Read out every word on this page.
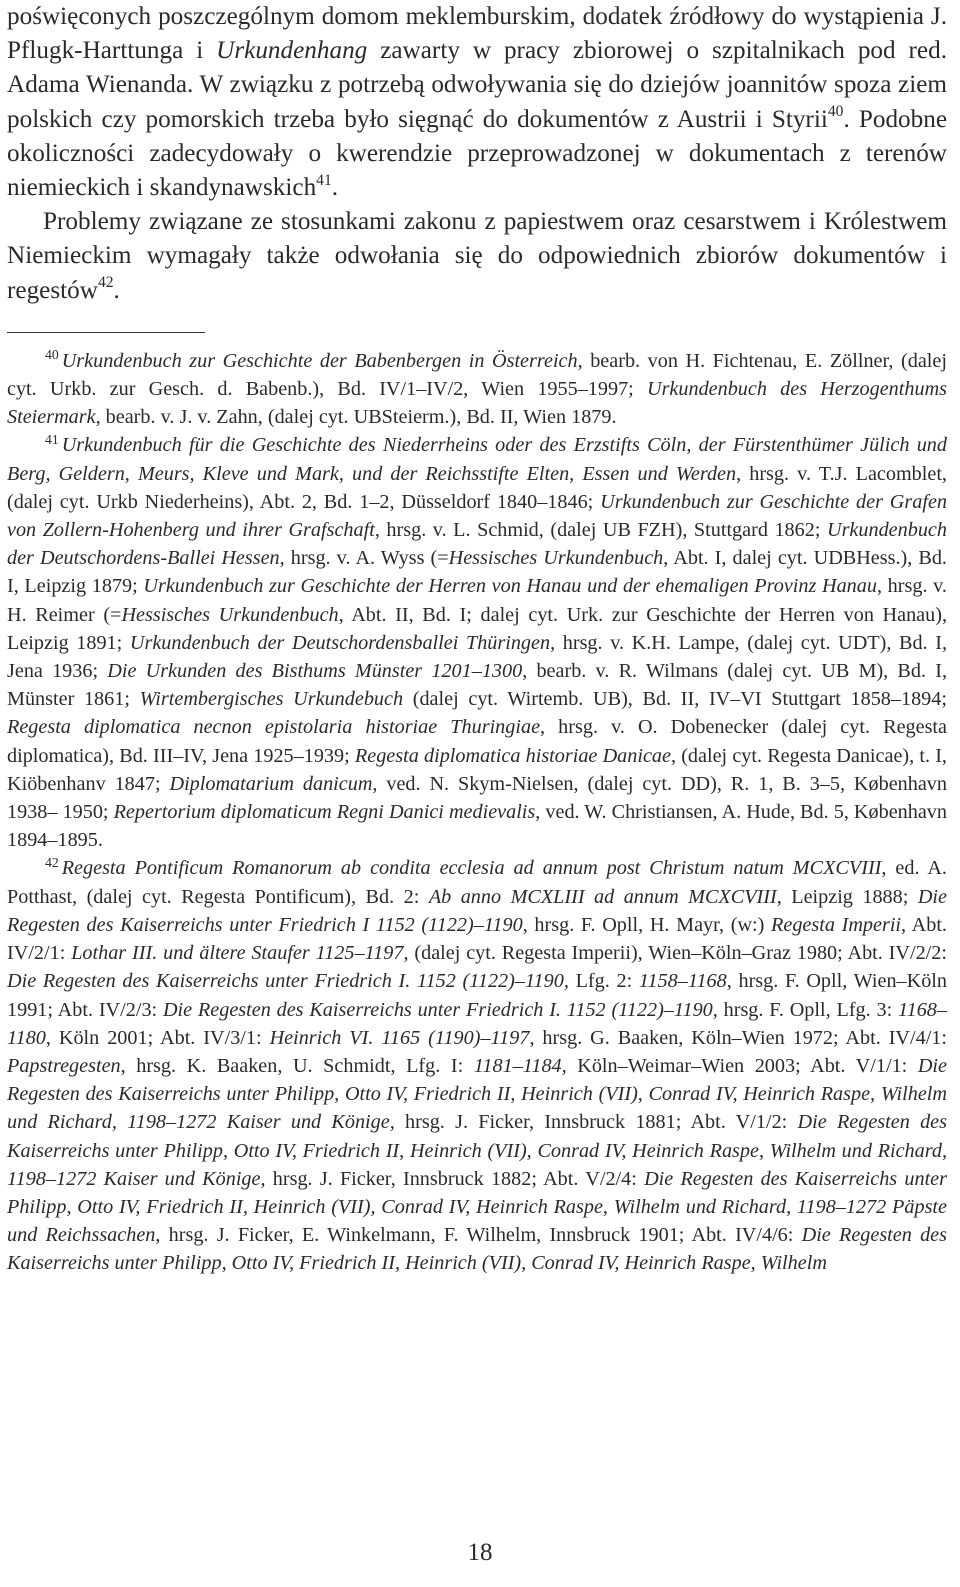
poświęconych poszczególnym domom meklemburskim, dodatek źródłowy do wystąpienia J. Pflugk-Harttunga i Urkundenhang zawarty w pracy zbiorowej o szpitalnikach pod red. Adama Wienanda. W związku z potrzebą odwoływania się do dziejów joannitów spoza ziem polskich czy pomorskich trzeba było sięgnąć do dokumentów z Austrii i Styrii$^{40}$. Podobne okoliczności zadecydowały o kwerendzie przeprowadzonej w dokumentach z terenów niemieckich i skandynawskich$^{41}$.

Problemy związane ze stosunkami zakonu z papiestwem oraz cesarstwem i Królestwem Niemieckim wymagały także odwołania się do odpowiednich zbiorów dokumentów i regestów$^{42}$.

$^{40}$ Urkundenbuch zur Geschichte der Babenbergen in Österreich, bearb. von H. Fichtenau, E. Zöllner, (dalej cyt. Urkb. zur Gesch. d. Babenb.), Bd. IV/1–IV/2, Wien 1955–1997; Urkundenbuch des Herzogenthums Steiermark, bearb. v. J. v. Zahn, (dalej cyt. UBSteierm.), Bd. II, Wien 1879.

$^{41}$ Urkundenbuch für die Geschichte des Niederrheins oder des Erzstifts Cöln, der Fürstenthümer Jülich und Berg, Geldern, Meurs, Kleve und Mark, und der Reichsstifte Elten, Essen und Werden, hrsg. v. T.J. Lacomblet, (dalej cyt. Urkb Niederheins), Abt. 2, Bd. 1–2, Düsseldorf 1840–1846; Urkundenbuch zur Geschichte der Grafen von Zollern-Hohenberg und ihrer Grafschaft, hrsg. v. L. Schmid, (dalej UB FZH), Stuttgard 1862; Urkundenbuch der Deutschordens-Ballei Hessen, hrsg. v. A. Wyss (=Hessisches Urkundenbuch, Abt. I, dalej cyt. UDBHess.), Bd. I, Leipzig 1879; Urkundenbuch zur Geschichte der Herren von Hanau und der ehemaligen Provinz Hanau, hrsg. v. H. Reimer (=Hessisches Urkundenbuch, Abt. II, Bd. I; dalej cyt. Urk. zur Geschichte der Herren von Hanau), Leipzig 1891; Urkundenbuch der Deutschordensballei Thüringen, hrsg. v. K.H. Lampe, (dalej cyt. UDT), Bd. I, Jena 1936; Die Urkunden des Bisthums Münster 1201–1300, bearb. v. R. Wilmans (dalej cyt. UB M), Bd. I, Münster 1861; Wirtembergisches Urkundebuch (dalej cyt. Wirtemb. UB), Bd. II, IV–VI Stuttgart 1858–1894; Regesta diplomatica necnon epistolaria historiae Thuringiae, hrsg. v. O. Dobenecker (dalej cyt. Regesta diplomatica), Bd. III–IV, Jena 1925–1939; Regesta diplomatica historiae Danicae, (dalej cyt. Regesta Danicae), t. I, Kiöbenhanv 1847; Diplomatarium danicum, ved. N. Skym-Nielsen, (dalej cyt. DD), R. 1, B. 3–5, København 1938– 1950; Repertorium diplomaticum Regni Danici medievalis, ved. W. Christiansen, A. Hude, Bd. 5, København 1894–1895.

$^{42}$ Regesta Pontificum Romanorum ab condita ecclesia ad annum post Christum natum MCXCVIII, ed. A. Potthast, (dalej cyt. Regesta Pontificum), Bd. 2: Ab anno MCXLIII ad annum MCXCVIII, Leipzig 1888; Die Regesten des Kaiserreichs unter Friedrich I 1152 (1122)–1190, hrsg. F. Opll, H. Mayr, (w:) Regesta Imperii, Abt. IV/2/1: Lothar III. und ältere Staufer 1125–1197, (dalej cyt. Regesta Imperii), Wien–Köln–Graz 1980; Abt. IV/2/2: Die Regesten des Kaiserreichs unter Friedrich I. 1152 (1122)–1190, Lfg. 2: 1158–1168, hrsg. F. Opll, Wien–Köln 1991; Abt. IV/2/3: Die Regesten des Kaiserreichs unter Friedrich I. 1152 (1122)–1190, hrsg. F. Opll, Lfg. 3: 1168–1180, Köln 2001; Abt. IV/3/1: Heinrich VI. 1165 (1190)–1197, hrsg. G. Baaken, Köln–Wien 1972; Abt. IV/4/1: Papstregesten, hrsg. K. Baaken, U. Schmidt, Lfg. I: 1181–1184, Köln–Weimar–Wien 2003; Abt. V/1/1: Die Regesten des Kaiserreichs unter Philipp, Otto IV, Friedrich II, Heinrich (VII), Conrad IV, Heinrich Raspe, Wilhelm und Richard, 1198–1272 Kaiser und Könige, hrsg. J. Ficker, Innsbruck 1881; Abt. V/1/2: Die Regesten des Kaiserreichs unter Philipp, Otto IV, Friedrich II, Heinrich (VII), Conrad IV, Heinrich Raspe, Wilhelm und Richard, 1198–1272 Kaiser und Könige, hrsg. J. Ficker, Innsbruck 1882; Abt. V/2/4: Die Regesten des Kaiserreichs unter Philipp, Otto IV, Friedrich II, Heinrich (VII), Conrad IV, Heinrich Raspe, Wilhelm und Richard, 1198–1272 Päpste und Reichssachen, hrsg. J. Ficker, E. Winkelmann, F. Wilhelm, Innsbruck 1901; Abt. IV/4/6: Die Regesten des Kaiserreichs unter Philipp, Otto IV, Friedrich II, Heinrich (VII), Conrad IV, Heinrich Raspe, Wilhelm

18
